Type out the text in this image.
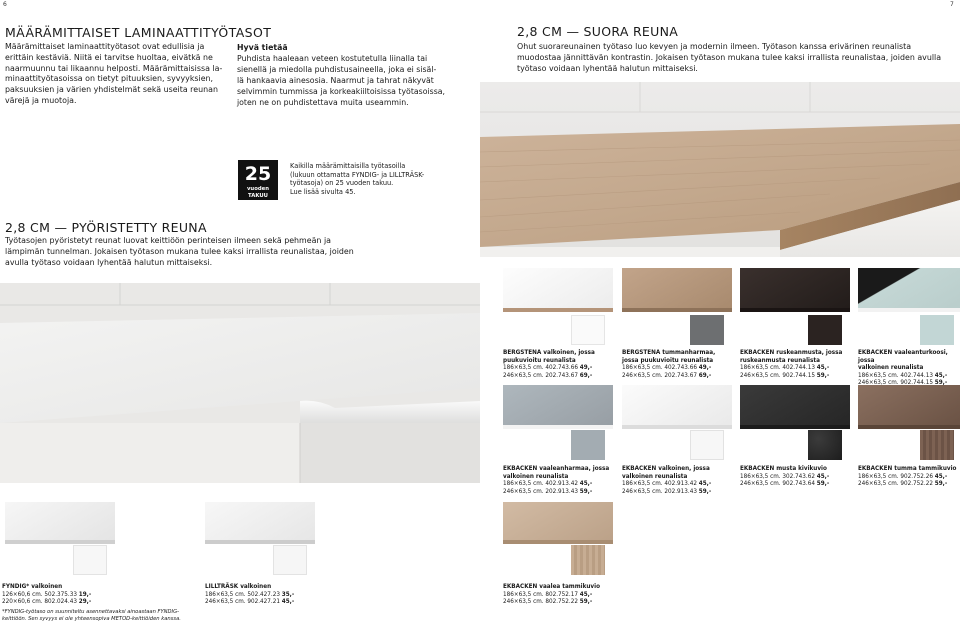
6	7
MÄÄRÄMITTAISET LAMINAATTITYÖTASOT
Määrämittaiset laminaattityötasot ovat edullisia ja
erittäin kestäviä. Niitä ei tarvitse huoltaa, eivätkä ne
naarmuunnu tai likaannu helposti. Määrämittaisissa la-
minaattityötasoissa on tietyt pituuksien, syvyyksien,
paksuuksien ja värien yhdistelmät sekä useita reunan
värejä ja muotoja.
Hyvä tietää
Puhdista haaleaan veteen kostutetulla liinalla tai
sienellä ja miedolla puhdistusaineella, joka ei sisäl-
lä hankaavia ainesosia. Naarmut ja tahrat näkyvät
selvimmin tummissa ja korkeakiiltoisissa työtasoissa,
joten ne on puhdistettava muita useammin.
25
vuoden
TAKUU
Kaikilla määrämittaisilla työtasoilla
(lukuun ottamatta FYNDIG- ja LILLTRÄSK-
työtasoja) on 25 vuoden takuu.
Lue lisää sivulta 45.
2,8 CM — SUORA REUNA
Ohut suorareunainen työtaso luo kevyen ja modernin ilmeen. Työtason kanssa erivärinen reunalista
muodostaa jännittävän kontrastin. Jokaisen työtason mukana tulee kaksi irrallista reunalistaa, joiden avulla
työtaso voidaan lyhentää halutun mittaiseksi.
2,8 CM — PYÖRISTETTY REUNA
Työtasojen pyöristetyt reunat luovat keittiöön perinteisen ilmeen sekä pehmeän ja
lämpimän tunnelman. Jokaisen työtason mukana tulee kaksi irrallista reunalistaa, joiden
avulla työtaso voidaan lyhentää halutun mittaiseksi.
BERGSTENA valkoinen, jossa
puukuvioitu reunalista
186×63,5 cm. 402.743.66 49,-
246×63,5 cm. 202.743.67 69,-
BERGSTENA tummanharmaa,
jossa puukuvioitu reunalista
186×63,5 cm. 402.743.66 49,-
246×63,5 cm. 202.743.67 69,-
EKBACKEN ruskeanmusta, jossa
ruskeanmusta reunalista
186×63,5 cm. 402.744.13 45,-
246×63,5 cm. 902.744.15 59,-
EKBACKEN vaaleanturkoosi, jossa
valkoinen reunalista
186×63,5 cm. 402.744.13 45,-
246×63,5 cm. 902.744.15 59,-
EKBACKEN vaaleanharmaa, jossa
valkoinen reunalista
186×63,5 cm. 402.913.42 45,-
246×63,5 cm. 202.913.43 59,-
EKBACKEN valkoinen, jossa
valkoinen reunalista
186×63,5 cm. 402.913.42 45,-
246×63,5 cm. 202.913.43 59,-
EKBACKEN musta kivikuvio
186×63,5 cm. 302.743.62 45,-
246×63,5 cm. 902.743.64 59,-
EKBACKEN tumma tammikuvio
186×63,5 cm. 902.752.26 45,-
246×63,5 cm. 902.752.22 59,-
FYNDIG* valkoinen
126×60,6 cm. 502.375.33 19,-
220×60,6 cm. 802.024.43 29,-
LILLTRÄSK valkoinen
186×63,5 cm. 502.427.23 35,-
246×63,5 cm. 902.427.21 45,-
EKBACKEN vaalea tammikuvio
186×63,5 cm. 802.752.17 45,-
246×63,5 cm. 802.752.22 59,-
*FYNDIG-työtaso on suunniteltu asennettavaksi ainoastaan FYNDIG-
keittiöön. Sen syvyys ei ole yhteensopiva METOD-keittiöiden kanssa.
